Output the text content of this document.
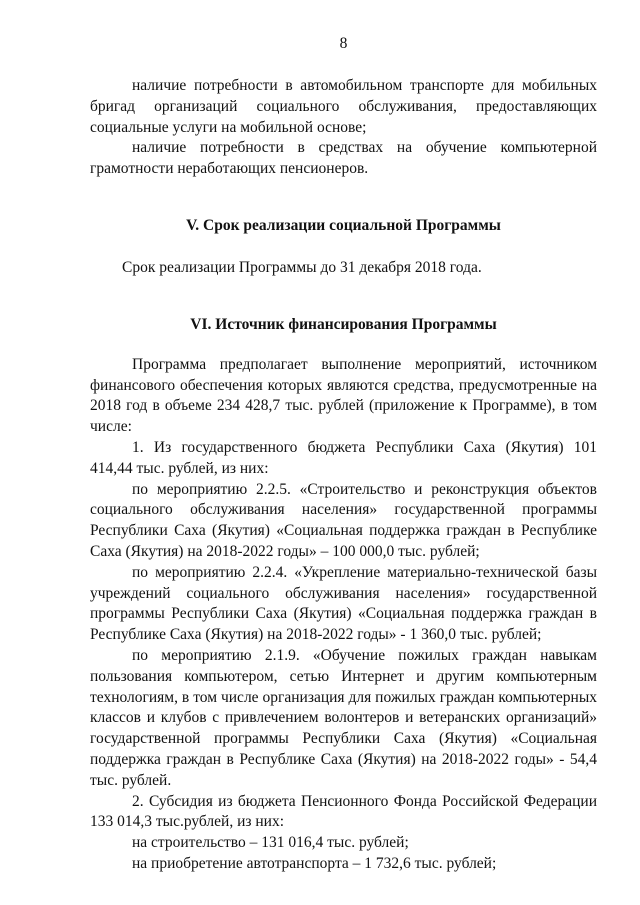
8

наличие потребности в автомобильном транспорте для мобильных бригад организаций социального обслуживания, предоставляющих социальные услуги на мобильной основе;

наличие потребности в средствах на обучение компьютерной грамотности неработающих пенсионеров.

V. Срок реализации социальной Программы

Срок реализации Программы до 31 декабря 2018 года.

VI. Источник финансирования Программы

Программа предполагает выполнение мероприятий, источником финансового обеспечения которых являются средства, предусмотренные на 2018 год в объеме 234 428,7 тыс. рублей (приложение к Программе), в том числе:

1. Из государственного бюджета Республики Саха (Якутия) 101 414,44 тыс. рублей, из них:

по мероприятию 2.2.5. «Строительство и реконструкция объектов социального обслуживания населения» государственной программы Республики Саха (Якутия) «Социальная поддержка граждан в Республике Саха (Якутия) на 2018-2022 годы» – 100 000,0 тыс. рублей;

по мероприятию 2.2.4. «Укрепление материально-технической базы учреждений социального обслуживания населения» государственной программы Республики Саха (Якутия) «Социальная поддержка граждан в Республике Саха (Якутия) на 2018-2022 годы» - 1 360,0 тыс. рублей;

по мероприятию 2.1.9. «Обучение пожилых граждан навыкам пользования компьютером, сетью Интернет и другим компьютерным технологиям, в том числе организация для пожилых граждан компьютерных классов и клубов с привлечением волонтеров и ветеранских организаций» государственной программы Республики Саха (Якутия) «Социальная поддержка граждан в Республике Саха (Якутия) на 2018-2022 годы» - 54,4 тыс. рублей.

2. Субсидия из бюджета Пенсионного Фонда Российской Федерации 133 014,3 тыс.рублей, из них:

на строительство – 131 016,4 тыс. рублей;

на приобретение автотранспорта – 1 732,6 тыс. рублей;
